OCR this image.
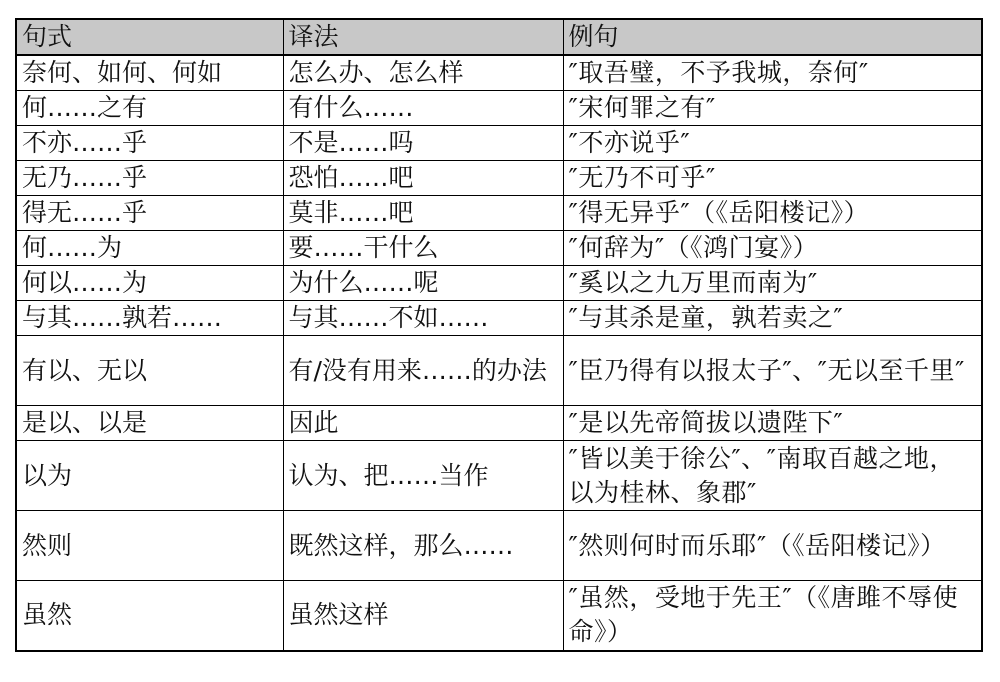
句式	译法	例句
奈何、如何、何如	怎么办、怎么样	″取吾璧，不予我城，奈何″
何……之有	有什么……	″宋何罪之有″
不亦……乎	不是……吗	″不亦说乎″
无乃……乎	恐怕……吧	″无乃不可乎″
得无……乎	莫非……吧	″得无异乎″（《岳阳楼记》）
何……为	要……干什么	″何辞为″（《鸿门宴》）
何以……为	为什么……呢	″奚以之九万里而南为″
与其……孰若……	与其……不如……	″与其杀是童，孰若卖之″
有以、无以	有/没有用来……的办法	″臣乃得有以报太子″、″无以至千里″
是以、以是	因此	″是以先帝简拔以遗陛下″
以为	认为、把……当作	″皆以美于徐公″、″南取百越之地，以为桂林、象郡″
然则	既然这样，那么……	″然则何时而乐耶″（《岳阳楼记》）
虽然	虽然这样	″虽然，受地于先王″（《唐雎不辱使命》）
